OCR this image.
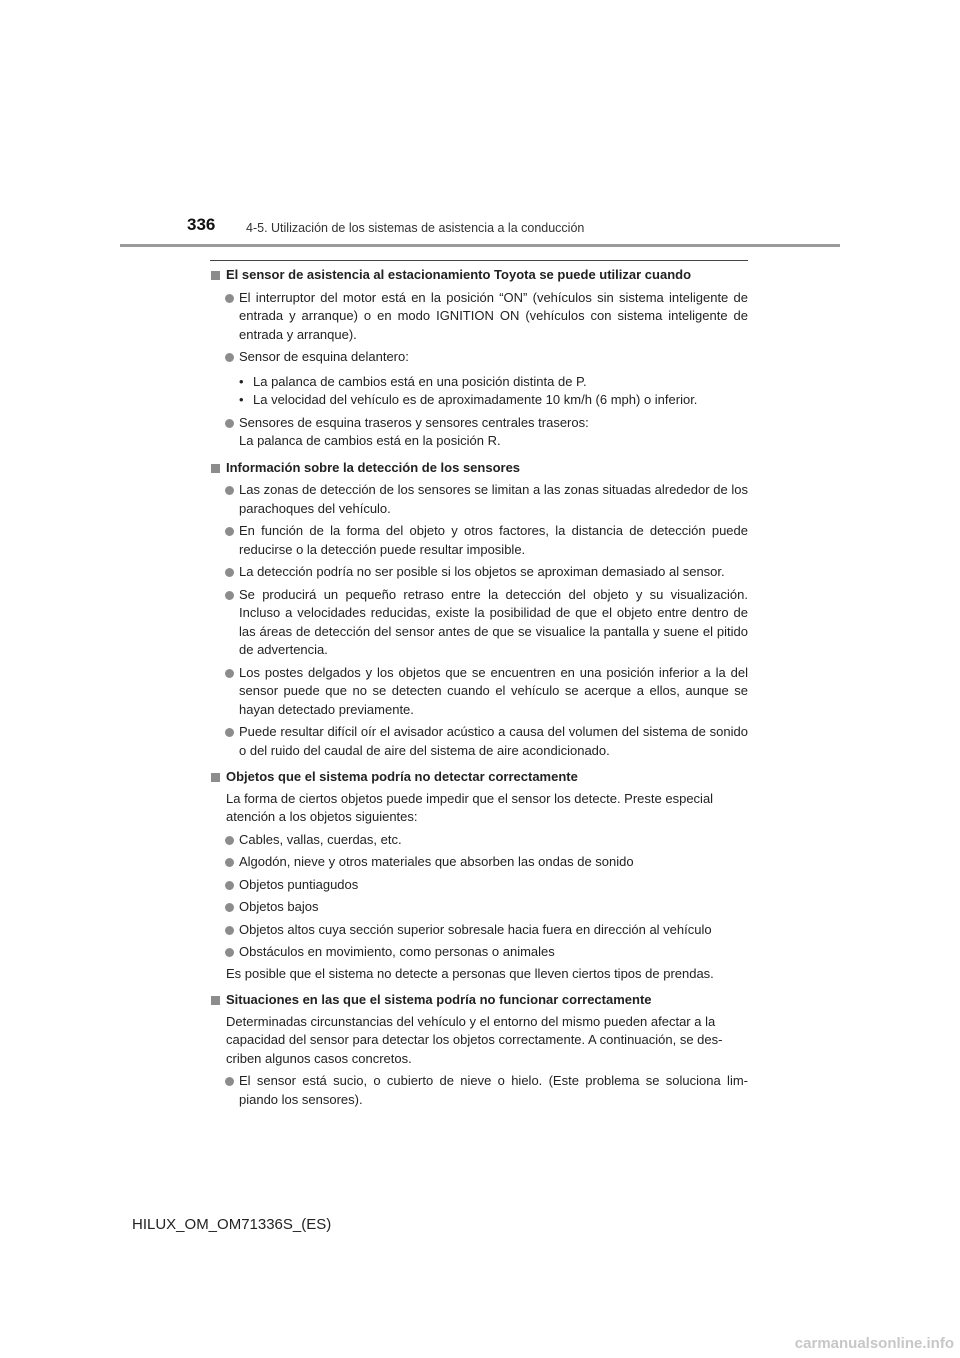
336 4-5. Utilización de los sistemas de asistencia a la conducción

El sensor de asistencia al estacionamiento Toyota se puede utilizar cuando

El interruptor del motor está en la posición “ON” (vehículos sin sistema inteligente de entrada y arranque) o en modo IGNITION ON (vehículos con sistema inteligente de entrada y arranque).

Sensor de esquina delantero:

• La palanca de cambios está en una posición distinta de P.

• La velocidad del vehículo es de aproximadamente 10 km/h (6 mph) o inferior.

Sensores de esquina traseros y sensores centrales traseros:
La palanca de cambios está en la posición R.

Información sobre la detección de los sensores

Las zonas de detección de los sensores se limitan a las zonas situadas alrededor de los parachoques del vehículo.

En función de la forma del objeto y otros factores, la distancia de detección puede reducirse o la detección puede resultar imposible.

La detección podría no ser posible si los objetos se aproximan demasiado al sensor.

Se producirá un pequeño retraso entre la detección del objeto y su visualización. Incluso a velocidades reducidas, existe la posibilidad de que el objeto entre dentro de las áreas de detección del sensor antes de que se visualice la pantalla y suene el pitido de advertencia.

Los postes delgados y los objetos que se encuentren en una posición inferior a la del sensor puede que no se detecten cuando el vehículo se acerque a ellos, aunque se hayan detectado previamente.

Puede resultar difícil oír el avisador acústico a causa del volumen del sistema de sonido o del ruido del caudal de aire del sistema de aire acondicionado.

Objetos que el sistema podría no detectar correctamente

La forma de ciertos objetos puede impedir que el sensor los detecte. Preste especial atención a los objetos siguientes:

Cables, vallas, cuerdas, etc.

Algodón, nieve y otros materiales que absorben las ondas de sonido

Objetos puntiagudos

Objetos bajos

Objetos altos cuya sección superior sobresale hacia fuera en dirección al vehículo

Obstáculos en movimiento, como personas o animales

Es posible que el sistema no detecte a personas que lleven ciertos tipos de prendas.

Situaciones en las que el sistema podría no funcionar correctamente

Determinadas circunstancias del vehículo y el entorno del mismo pueden afectar a la capacidad del sensor para detectar los objetos correctamente. A continuación, se des-criben algunos casos concretos.

El sensor está sucio, o cubierto de nieve o hielo. (Este problema se soluciona lim-piando los sensores).

HILUX_OM_OM71336S_(ES)
carmanualsonline.info
